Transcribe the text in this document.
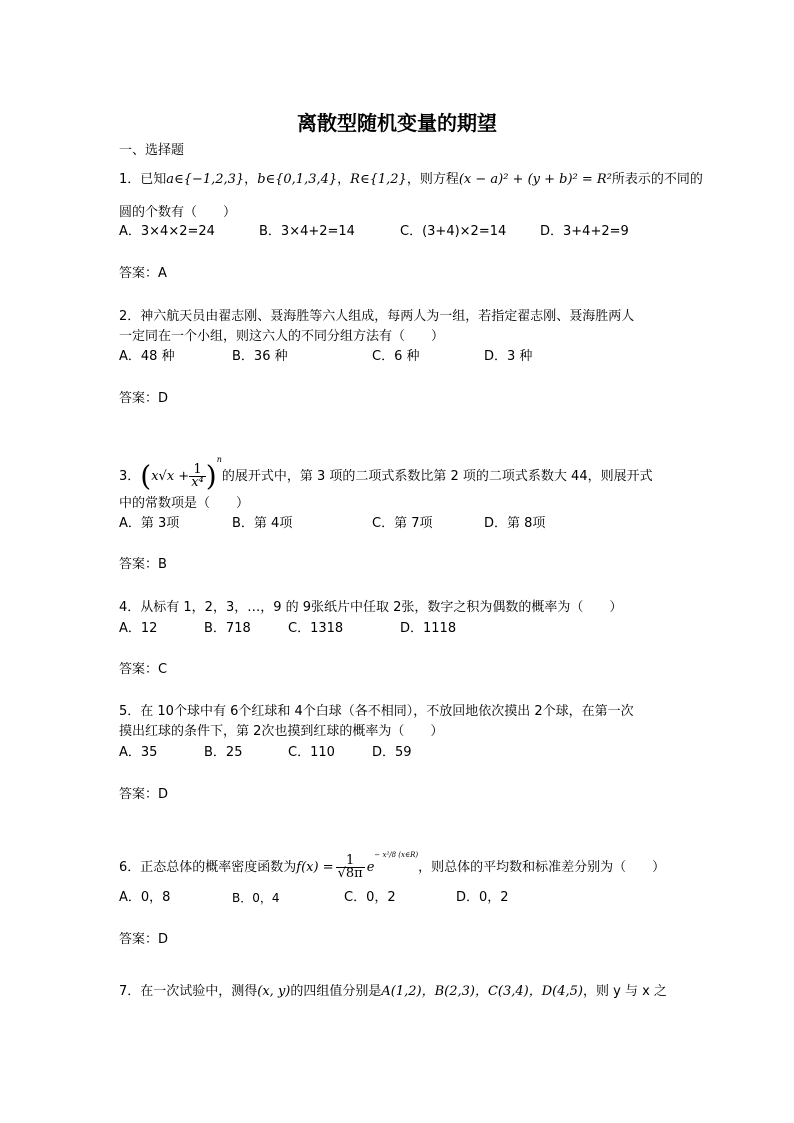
离散型随机变量的期望
一、选择题
1．已知a∈{−1,2,3}，b∈{0,1,3,4}，R∈{1,2}，则方程(x − a)² + (y + b)² = R²所表示的不同的
圆的个数有（　　）
A．3×4×2=24	B．3×4+2=14	C．(3+4)×2=14	D．3+4+2=9
答案：A
2．神六航天员由翟志刚、聂海胜等六人组成，每两人为一组，若指定翟志刚、聂海胜两人
一定同在一个小组，则这六人的不同分组方法有（　　）
A．48 种	B．36 种	C．6 种	D．3 种
答案：D
3．$(x√x + \frac{1}{\text{x⁴}} )^n$的展开式中，第 3 项的二项式系数比第 2 项的二项式系数大 44，则展开式
中的常数项是（　　）
A．第 3项	B．第 4项	C．第 7项	D．第 8项
答案：B
4．从标有 1，2，3，…，9 的 9张纸片中任取 2张，数字之积为偶数的概率为（　　）
A．12	B．718	C．1318	D．1118
答案：C
5．在 10个球中有 6个红球和 4个白球（各不相同），不放回地依次摸出 2个球，在第一次
摸出红球的条件下，第 2次也摸到红球的概率为（　　）
A．35	B．25	C．110	D．59
答案：D
6．正态总体的概率密度函数为$f(x) = \frac{1}{√8\pi} e^{- x^2/8 (x\in R)}$，则总体的平均数和标准差分别为（　　）
A．0，8	B．0，4	C．0，2	D．0，2
答案：D
7．在一次试验中，测得(x, y)的四组值分别是A(1,2)，B(2,3)，C(3,4)，D(4,5)，则 y 与 x 之
